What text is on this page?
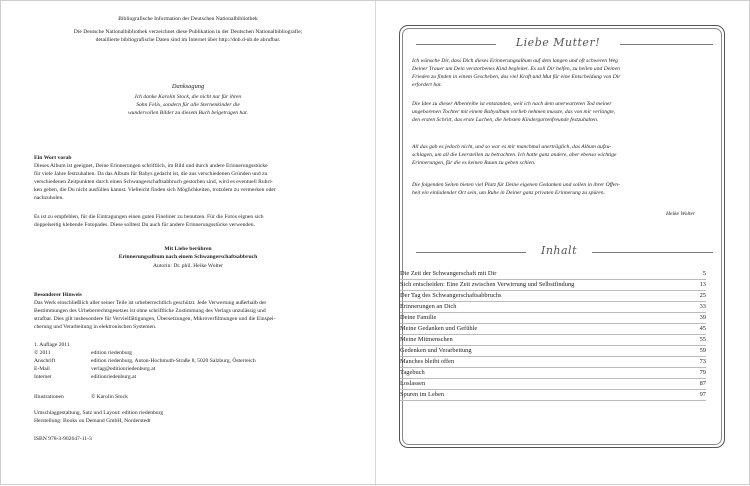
Bibliografische Information der Deutschen Nationalbibliothek
Die Deutsche Nationalbibliothek verzeichnet diese Publikation in der Deutschen Nationalbibliografie;
detaillierte bibliografische Daten sind im Internet über http://dnb.d-nb.de abrufbar.
Danksagung
Ich danke Karolin Stock, die nicht nur für ihren
Sohn Felix, sondern für alle Sternenkinder die
wundervollen Bilder zu diesem Buch beigetragen hat.
Ein Wort vorab
Dieses Album ist geeignet, Deine Erinnerungen schriftlich, im Bild und durch andere Erinnerungsstücke
für viele Jahre festzuhalten. Da das Album für Babys gedacht ist, die aus verschiedenen Gründen und zu
verschiedenen Zeitpunkten durch einen Schwangerschaftsabbruch gestorben sind, wird es eventuell Rubri-
ken geben, die Du nicht ausfüllen kannst. Vielleicht finden sich Möglichkeiten, trotzdem zu vermerken oder
nachzuholen.
Es ist zu empfehlen, für die Eintragungen einen guten Fineliner zu benutzen. Für die Fotos eignen sich
doppelseitig klebende Fotopades. Diese solltest Du auch für andere Erinnerungsstücke verwenden.
Mit Liebe berühren
Erinnerungsalbum nach einem Schwangerschaftsabbruch
Autorin: Dr. phil. Heike Wolter
Besonderer Hinweis
Das Werk einschließlich aller seiner Teile ist urheberrechtlich geschützt. Jede Verwertung außerhalb der
Bestimmungen des Urheberrechtsgesetzes ist ohne schriftliche Zustimmung des Verlags unzulässig und
strafbar. Dies gilt insbesondere für Vervielfältigungen, Übersetzungen, Mikroverfilmungen und die Einspei-
cherung und Verarbeitung in elektronischen Systemen.
1. Auflage 2011
© 2011	edition riedenburg
Anschrift	edition riedenburg, Anton-Hochmuth-Straße 8, 5020 Salzburg, Österreich
E-Mail	verlag@editionriedenburg.at
Internet	editionriedenburg.at
Illustrationen	© Karolin Stock
Umschlaggestaltung, Satz und Layout: edition riedenburg
Herstellung: Books on Demand GmbH, Norderstedt
ISBN 978-3-902647-11-3
Liebe Mutter!
Ich wünsche Dir, dass Dich dieses Erinnerungsalbum auf dem langen und oft schweren Weg
Deiner Trauer um Dein verstorbenes Kind begleitet. Es soll Dir helfen, zu heilen und Deinen
Frieden zu finden in einem Geschehen, das viel Kraft und Mut für eine Entscheidung von Dir
erfordert hat.
Die Idee zu dieser Albenreihe ist entstanden, weil ich nach dem unerwarteten Tod meiner
ungeborenen Tochter mit einem Babyalbum vorlieb nehmen musste, das von mir verlangte,
den ersten Schritt, das erste Lachen, die liebsten Kindergartenfreunde festzuhalten.
All das gab es jedoch nicht, und so war es mir manchmal unerträglich, das Album aufzu-
schlagen, um all die Leerstellen zu betrachten. Ich hatte ganz andere, aber ebenso wichtige
Erinnerungen, für die es keinen Raum zu geben schien.
Die folgenden Seiten bieten viel Platz für Deine eigenen Gedanken und sollen in ihrer Offen-
heit ein einladender Ort sein, um Ruhe in Deiner ganz privaten Erinnerung zu spüren.
Heike Wolter
Inhalt
Die Zeit der Schwangerschaft mit Dir	5
Sich entscheiden: Eine Zeit zwischen Verwirrung und Selbstfindung	13
Der Tag des Schwangerschaftsabbruchs	25
Erinnerungen an Dich	33
Deine Familie	39
Meine Gedanken und Gefühle	45
Meine Mitmenschen	55
Gedenken und Verarbeitung	59
Manches bleibt offen	73
Tagebuch	79
Loslassen	87
Spuren im Leben	97
